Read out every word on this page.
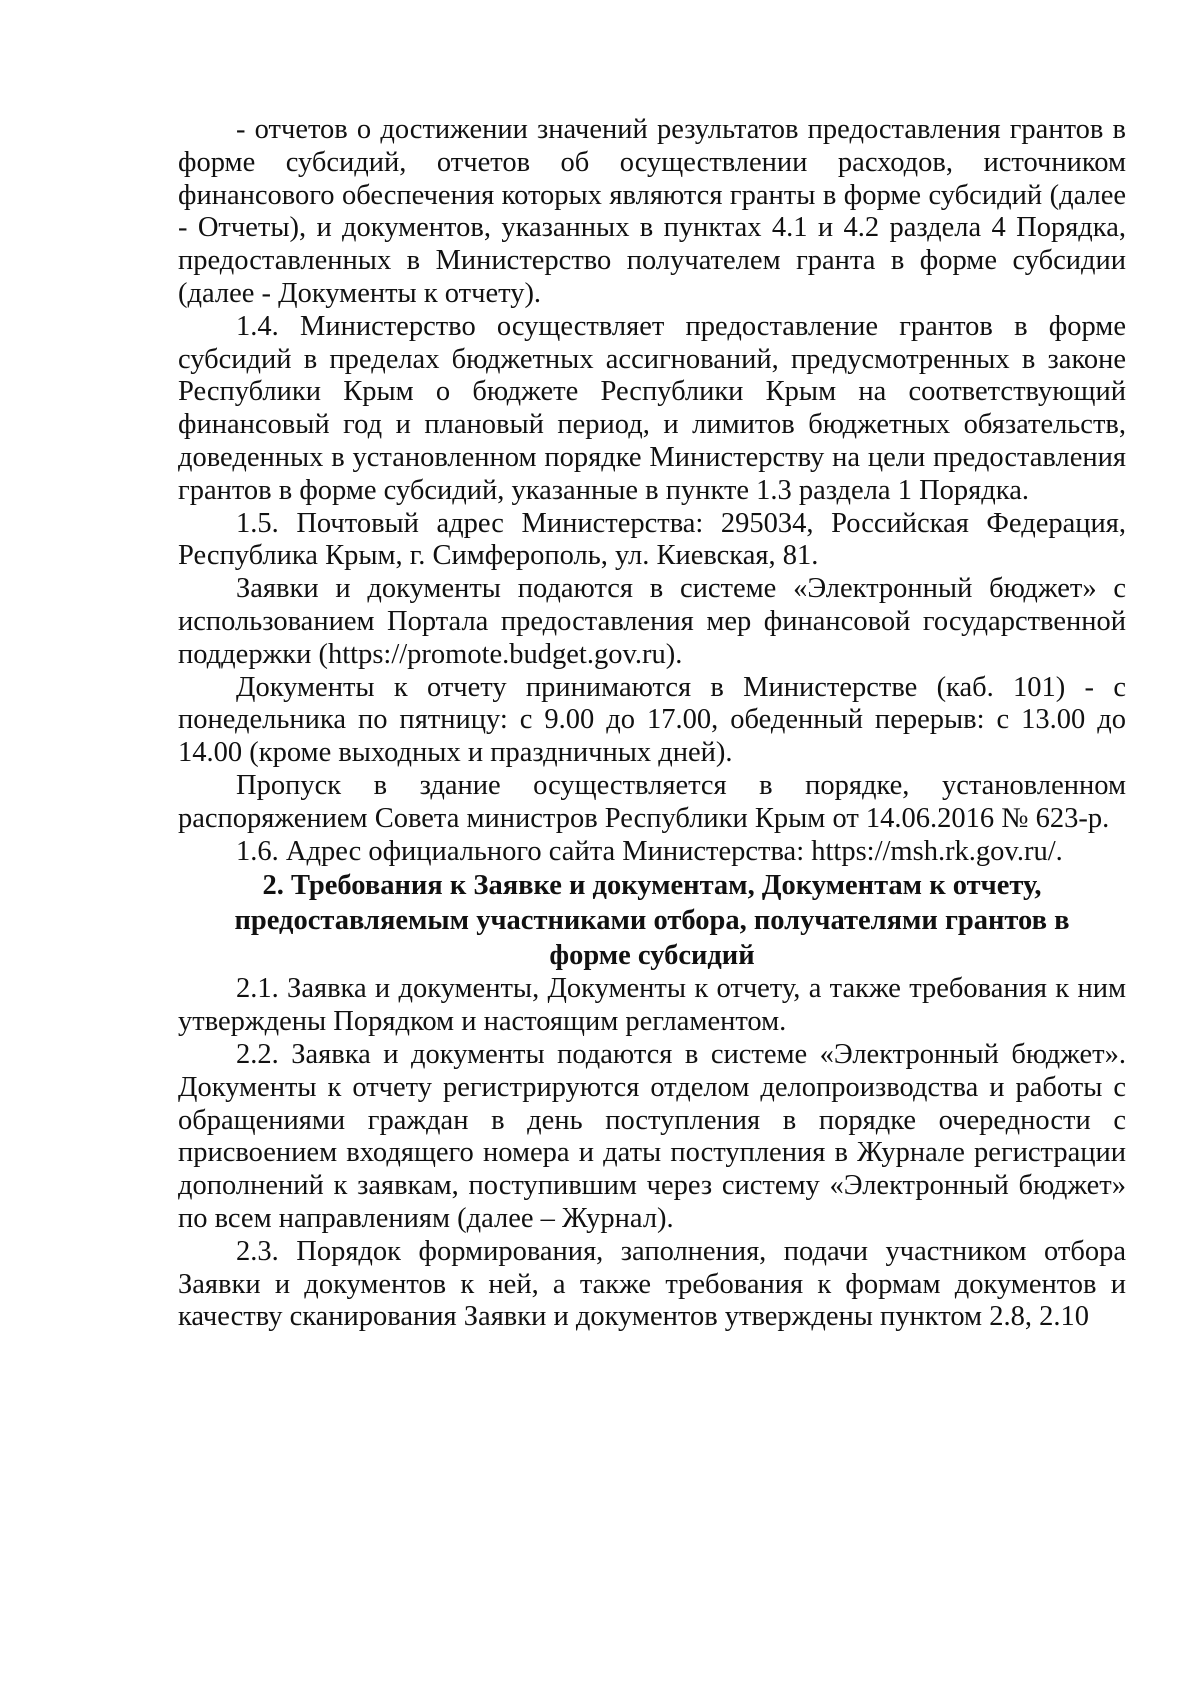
- отчетов о достижении значений результатов предоставления грантов в форме субсидий, отчетов об осуществлении расходов, источником финансового обеспечения которых являются гранты в форме субсидий (далее - Отчеты), и документов, указанных в пунктах 4.1 и 4.2 раздела 4 Порядка, предоставленных в Министерство получателем гранта в форме субсидии (далее - Документы к отчету).

1.4. Министерство осуществляет предоставление грантов в форме субсидий в пределах бюджетных ассигнований, предусмотренных в законе Республики Крым о бюджете Республики Крым на соответствующий финансовый год и плановый период, и лимитов бюджетных обязательств, доведенных в установленном порядке Министерству на цели предоставления грантов в форме субсидий, указанные в пункте 1.3 раздела 1 Порядка.

1.5. Почтовый адрес Министерства: 295034, Российская Федерация, Республика Крым, г. Симферополь, ул. Киевская, 81.

Заявки и документы подаются в системе «Электронный бюджет» с использованием Портала предоставления мер финансовой государственной поддержки (https://promote.budget.gov.ru).

Документы к отчету принимаются в Министерстве (каб. 101) - с понедельника по пятницу: с 9.00 до 17.00, обеденный перерыв: с 13.00 до 14.00 (кроме выходных и праздничных дней).

Пропуск в здание осуществляется в порядке, установленном распоряжением Совета министров Республики Крым от 14.06.2016 № 623-р.

1.6. Адрес официального сайта Министерства: https://msh.rk.gov.ru/.

2. Требования к Заявке и документам, Документам к отчету, предоставляемым участниками отбора, получателями грантов в форме субсидий

2.1. Заявка и документы, Документы к отчету, а также требования к ним утверждены Порядком и настоящим регламентом.

2.2. Заявка и документы подаются в системе «Электронный бюджет». Документы к отчету регистрируются отделом делопроизводства и работы с обращениями граждан в день поступления в порядке очередности с присвоением входящего номера и даты поступления в Журнале регистрации дополнений к заявкам, поступившим через систему «Электронный бюджет» по всем направлениям (далее – Журнал).

2.3. Порядок формирования, заполнения, подачи участником отбора Заявки и документов к ней, а также требования к формам документов и качеству сканирования Заявки и документов утверждены пунктом 2.8, 2.10
